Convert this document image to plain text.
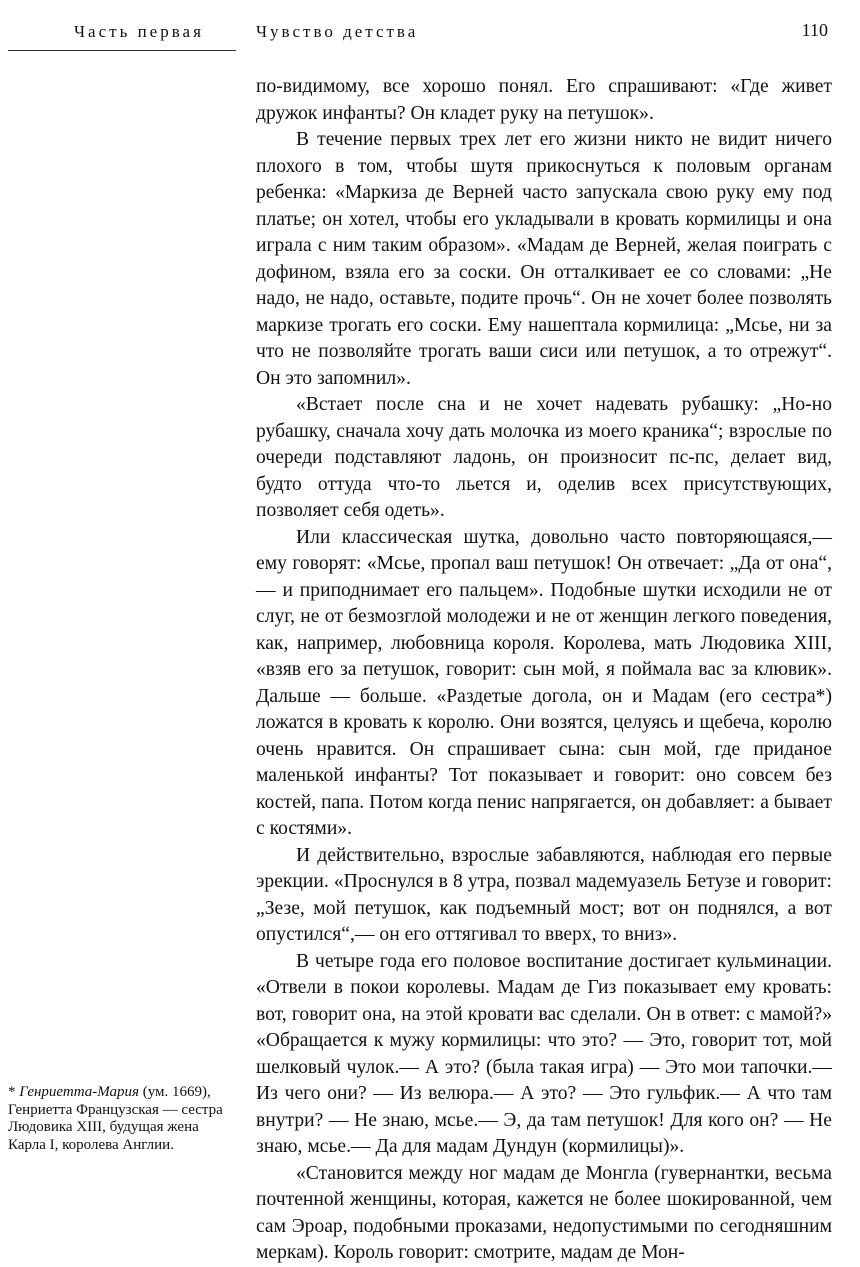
Часть первая	Чувство детства	110

по-видимому, все хорошо понял. Его спрашивают: «Где живет дружок инфанты? Он кладет руку на петушок».

В течение первых трех лет его жизни никто не видит ничего плохого в том, чтобы шутя прикоснуться к половым органам ребенка: «Маркиза де Верней часто запускала свою руку ему под платье; он хотел, чтобы его укладывали в кровать кормилицы и она играла с ним таким образом». «Мадам де Верней, желая поиграть с дофином, взяла его за соски. Он отталкивает ее со словами: „Не надо, не надо, оставьте, подите прочь“. Он не хочет более позволять маркизе трогать его соски. Ему нашептала кормилица: „Мсье, ни за что не позволяйте трогать ваши сиси или петушок, а то отрежут“. Он это запомнил».

«Встает после сна и не хочет надевать рубашку: „Но-но рубашку, сначала хочу дать молочка из моего краника“; взрослые по очереди подставляют ладонь, он произносит пс-пс, делает вид, будто оттуда что-то льется и, оделив всех присутствующих, позволяет себя одеть».

Или классическая шутка, довольно часто повторяющаяся,— ему говорят: «Мсье, пропал ваш петушок! Он отвечает: „Да от она“,— и приподнимает его пальцем». Подобные шутки исходили не от слуг, не от безмозглой молодежи и не от женщин легкого поведения, как, например, любовница короля. Королева, мать Людовика XIII, «взяв его за петушок, говорит: сын мой, я поймала вас за клювик». Дальше — больше. «Раздетые догола, он и Мадам (его сестра*) ложатся в кровать к королю. Они возятся, целуясь и щебеча, королю очень нравится. Он спрашивает сына: сын мой, где приданое маленькой инфанты? Тот показывает и говорит: оно совсем без костей, папа. Потом когда пенис напрягается, он добавляет: а бывает с костями».

И действительно, взрослые забавляются, наблюдая его первые эрекции. «Проснулся в 8 утра, позвал мадемуазель Бетузе и говорит: „Зезе, мой петушок, как подъемный мост; вот он поднялся, а вот опустился“,— он его оттягивал то вверх, то вниз».

В четыре года его половое воспитание достигает кульминации. «Отвели в покои королевы. Мадам де Гиз показывает ему кровать: вот, говорит она, на этой кровати вас сделали. Он в ответ: с мамой?» «Обращается к мужу кормилицы: что это? — Это, говорит тот, мой шелковый чулок.— А это? (была такая игра) — Это мои тапочки.— Из чего они? — Из велюра.— А это? — Это гульфик.— А что там внутри? — Не знаю, мсье.— Э, да там петушок! Для кого он? — Не знаю, мсье.— Да для мадам Дундун (кормилицы)».

«Становится между ног мадам де Монгла (гувернантки, весьма почтенной женщины, которая, кажется не более шокированной, чем сам Эроар, подобными проказами, недопустимыми по сегодняшним меркам). Король говорит: смотрите, мадам де Мон-

* Генриетта-Мария (ум. 1669), Генриетта Французская — сестра Людовика XIII, будущая жена Карла I, королева Англии.
